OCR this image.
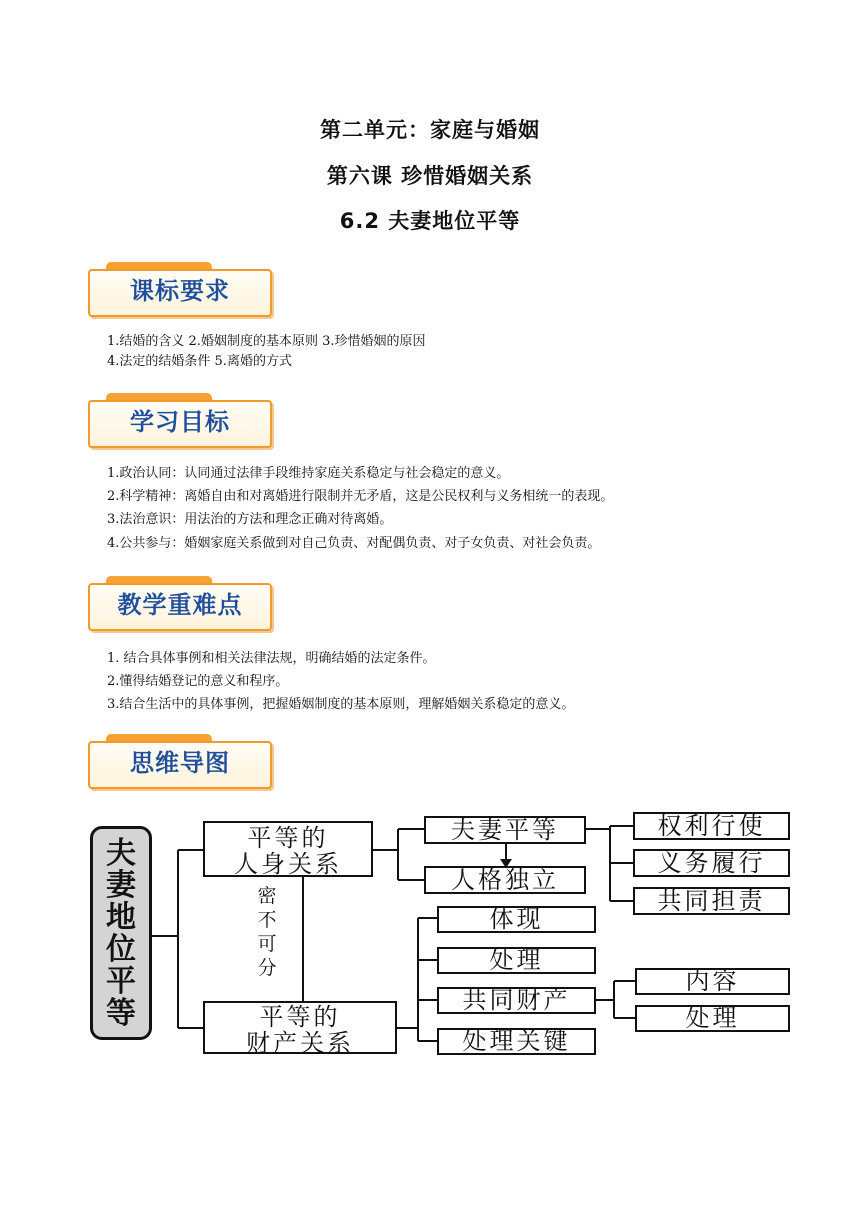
第二单元：家庭与婚姻
第六课 珍惜婚姻关系
6.2 夫妻地位平等
课标要求
1.结婚的含义 2.婚姻制度的基本原则 3.珍惜婚姻的原因
4.法定的结婚条件 5.离婚的方式
学习目标
1.政治认同：认同通过法律手段维持家庭关系稳定与社会稳定的意义。
2.科学精神：离婚自由和对离婚进行限制并无矛盾，这是公民权利与义务相统一的表现。
3.法治意识：用法治的方法和理念正确对待离婚。
4.公共参与：婚姻家庭关系做到对自己负责、对配偶负责、对子女负责、对社会负责。
教学重难点
1. 结合具体事例和相关法律法规，明确结婚的法定条件。
2.懂得结婚登记的意义和程序。
3.结合生活中的具体事例，把握婚姻制度的基本原则，理解婚姻关系稳定的意义。
思维导图
夫
妻
地
位
平
等
平等的
人身关系
平等的
财产关系
密不可分
夫妻平等
人格独立
权利行使
义务履行
共同担责
体现
处理
共同财产
处理关键
内容
处理
